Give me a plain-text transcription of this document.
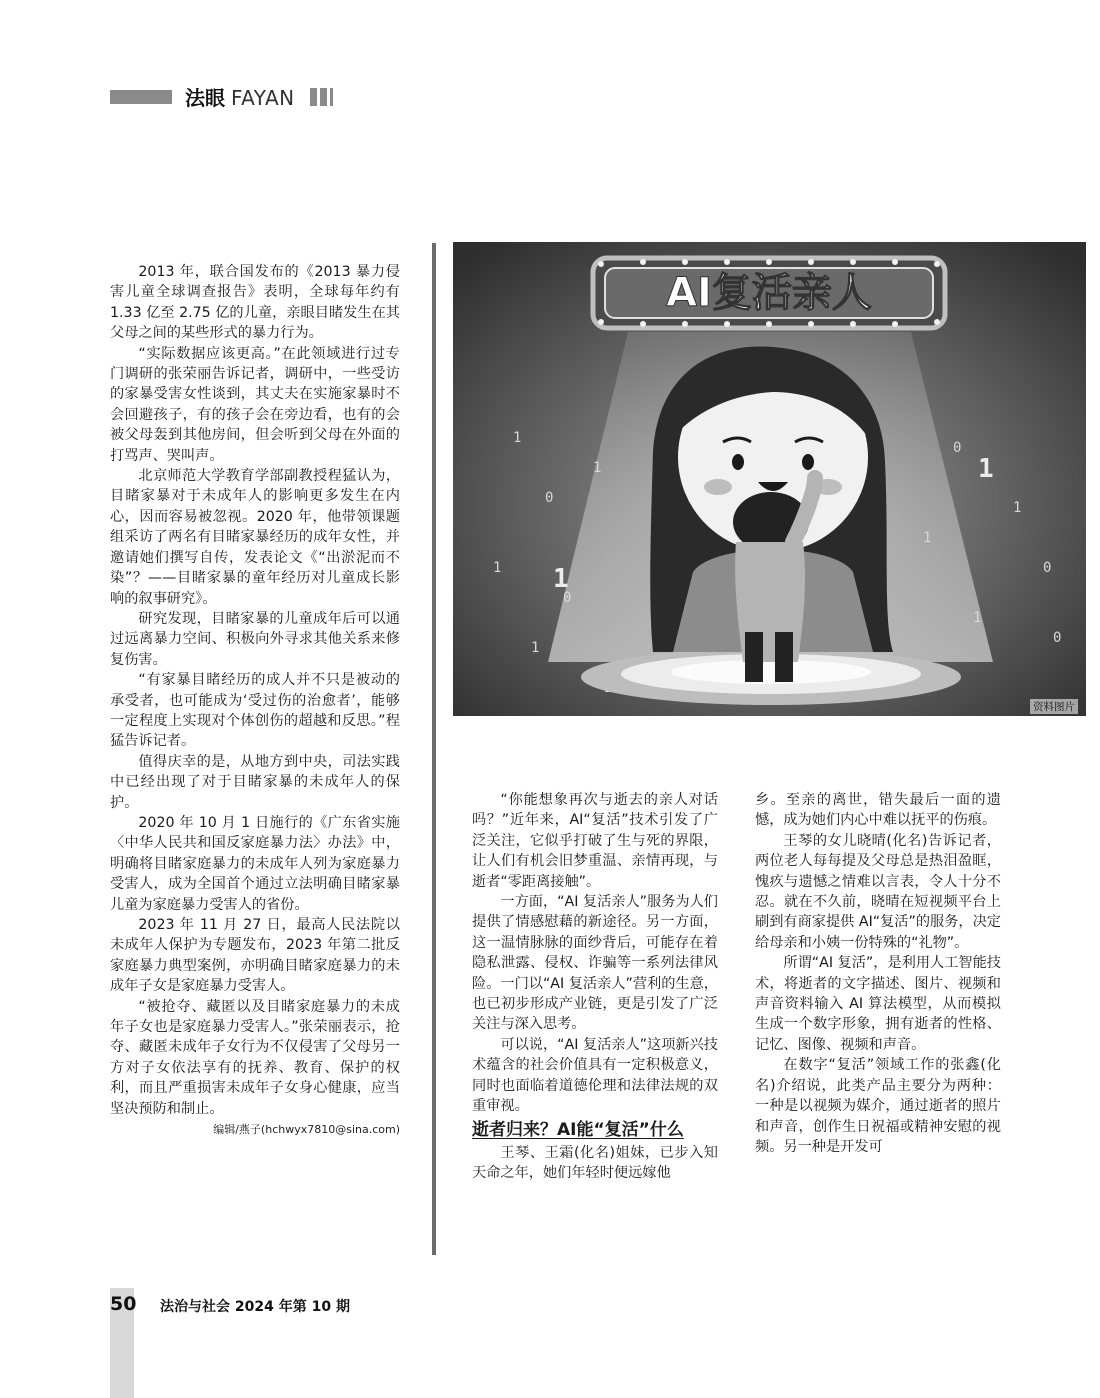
法眼 FAYAN

2013 年，联合国发布的《2013 暴力侵害儿童全球调查报告》表明，全球每年约有 1.33 亿至 2.75 亿的儿童，亲眼目睹发生在其父母之间的某些形式的暴力行为。

“实际数据应该更高。”在此领域进行过专门调研的张荣丽告诉记者，调研中，一些受访的家暴受害女性谈到，其丈夫在实施家暴时不会回避孩子，有的孩子会在旁边看，也有的会被父母轰到其他房间，但会听到父母在外面的打骂声、哭叫声。

北京师范大学教育学部副教授程猛认为，目睹家暴对于未成年人的影响更多发生在内心，因而容易被忽视。2020 年，他带领课题组采访了两名有目睹家暴经历的成年女性，并邀请她们撰写自传，发表论文《“出淤泥而不染”？——目睹家暴的童年经历对儿童成长影响的叙事研究》。

研究发现，目睹家暴的儿童成年后可以通过远离暴力空间、积极向外寻求其他关系来修复伤害。

“有家暴目睹经历的成人并不只是被动的承受者，也可能成为‘受过伤的治愈者’，能够一定程度上实现对个体创伤的超越和反思。”程猛告诉记者。

值得庆幸的是，从地方到中央，司法实践中已经出现了对于目睹家暴的未成年人的保护。

2020 年 10 月 1 日施行的《广东省实施〈中华人民共和国反家庭暴力法〉办法》中，明确将目睹家庭暴力的未成年人列为家庭暴力受害人，成为全国首个通过立法明确目睹家暴儿童为家庭暴力受害人的省份。

2023 年 11 月 27 日，最高人民法院以未成年人保护为专题发布，2023 年第二批反家庭暴力典型案例，亦明确目睹家庭暴力的未成年子女是家庭暴力受害人。

“被抢夺、藏匿以及目睹家庭暴力的未成年子女也是家庭暴力受害人。”张荣丽表示，抢夺、藏匿未成年子女行为不仅侵害了父母另一方对子女依法享有的抚养、教育、保护的权利，而且严重损害未成年子女身心健康，应当坚决预防和制止。

编辑/燕子(hchwyx7810@sina.com)
1
0
1
0
1
1
0
1
0
1
1
0
1
1
AI复活亲人
资料图片

“你能想象再次与逝去的亲人对话吗？”近年来，AI“复活”技术引发了广泛关注，它似乎打破了生与死的界限，让人们有机会旧梦重温、亲情再现，与逝者“零距离接触”。

一方面，“AI 复活亲人”服务为人们提供了情感慰藉的新途径。另一方面，这一温情脉脉的面纱背后，可能存在着隐私泄露、侵权、诈骗等一系列法律风险。一门以“AI 复活亲人”营利的生意，也已初步形成产业链，更是引发了广泛关注与深入思考。

可以说，“AI 复活亲人”这项新兴技术蕴含的社会价值具有一定积极意义，同时也面临着道德伦理和法律法规的双重审视。

逝者归来？AI能“复活”什么

王琴、王霜(化名)姐妹，已步入知天命之年，她们年轻时便远嫁他

乡。至亲的离世，错失最后一面的遗憾，成为她们内心中难以抚平的伤痕。

王琴的女儿晓晴(化名)告诉记者，两位老人每每提及父母总是热泪盈眶，愧疚与遗憾之情难以言表，令人十分不忍。就在不久前，晓晴在短视频平台上刷到有商家提供 AI“复活”的服务，决定给母亲和小姨一份特殊的“礼物”。

所谓“AI 复活”，是利用人工智能技术，将逝者的文字描述、图片、视频和声音资料输入 AI 算法模型，从而模拟生成一个数字形象，拥有逝者的性格、记忆、图像、视频和声音。

在数字“复活”领域工作的张鑫(化名)介绍说，此类产品主要分为两种：一种是以视频为媒介，通过逝者的照片和声音，创作生日祝福或精神安慰的视频。另一种是开发可

50 法治与社会 2024 年第 10 期
